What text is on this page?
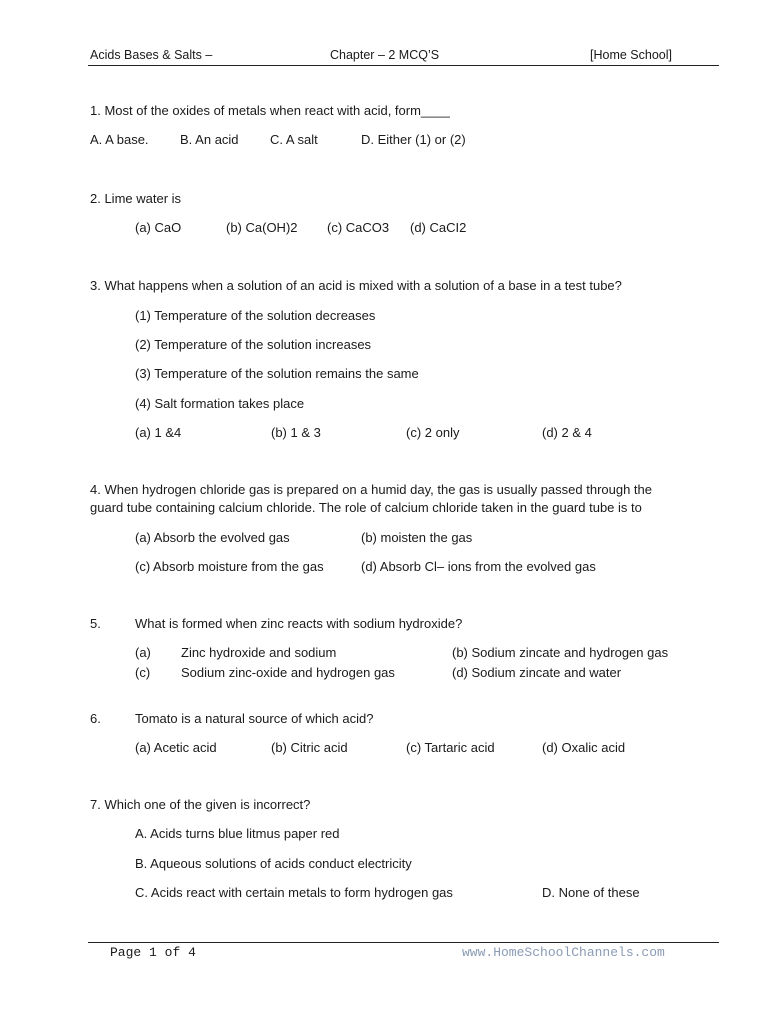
Acids Bases & Salts –	Chapter – 2 MCQ’S	[Home School]
1. Most of the oxides of metals when react with acid, form____
A. A base. B. An acid C. A salt	D. Either (1) or (2)
2. Lime water is
(a) CaO	(b) Ca(OH)2 (c) CaCO3 (d) CaCI2
3. What happens when a solution of an acid is mixed with a solution of a base in a test tube?
(1) Temperature of the solution decreases
(2) Temperature of the solution increases
(3) Temperature of the solution remains the same
(4) Salt formation takes place
(a) 1 &4	(b) 1 & 3	(c) 2 only	(d) 2 & 4
4. When hydrogen chloride gas is prepared on a humid day, the gas is usually passed through the
guard tube containing calcium chloride. The role of calcium chloride taken in the guard tube is to
(a) Absorb the evolved gas	(b) moisten the gas
(c) Absorb moisture from the gas	(d) Absorb Cl– ions from the evolved gas
5.	What is formed when zinc reacts with sodium hydroxide?
(a) Zinc hydroxide and sodium	(b) Sodium zincate and hydrogen gas
(c) Sodium zinc-oxide and hydrogen gas	(d) Sodium zincate and water
6.	Tomato is a natural source of which acid?
(a) Acetic acid	(b) Citric acid	(c) Tartaric acid	(d) Oxalic acid
7. Which one of the given is incorrect?
A. Acids turns blue litmus paper red
B. Aqueous solutions of acids conduct electricity
C. Acids react with certain metals to form hydrogen gas	D. None of these
Page 1 of 4	www.HomeSchoolChannels.com
